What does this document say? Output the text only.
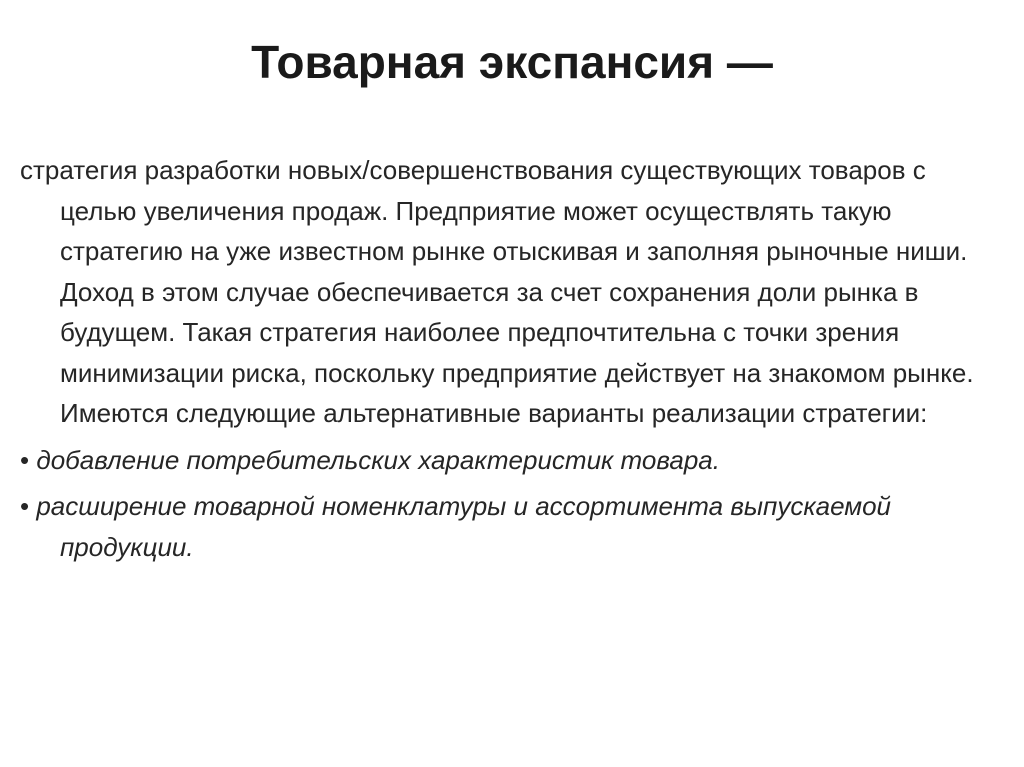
Товарная экспансия —

стратегия разработки новых/совершенствования существующих товаров с целью увеличения продаж. Предприятие может осуществлять такую стратегию на уже известном рынке отыскивая и заполняя рыночные ниши. Доход в этом случае обеспечивается за счет сохранения доли рынка в будущем. Такая стратегия наиболее предпочтительна с точки зрения минимизации риска, поскольку предприятие действует на знакомом рынке. Имеются следующие альтернативные варианты реализации стратегии:

• добавление потребительских характеристик товара.

• расширение товарной номенклатуры и ассортимента выпускаемой продукции.
